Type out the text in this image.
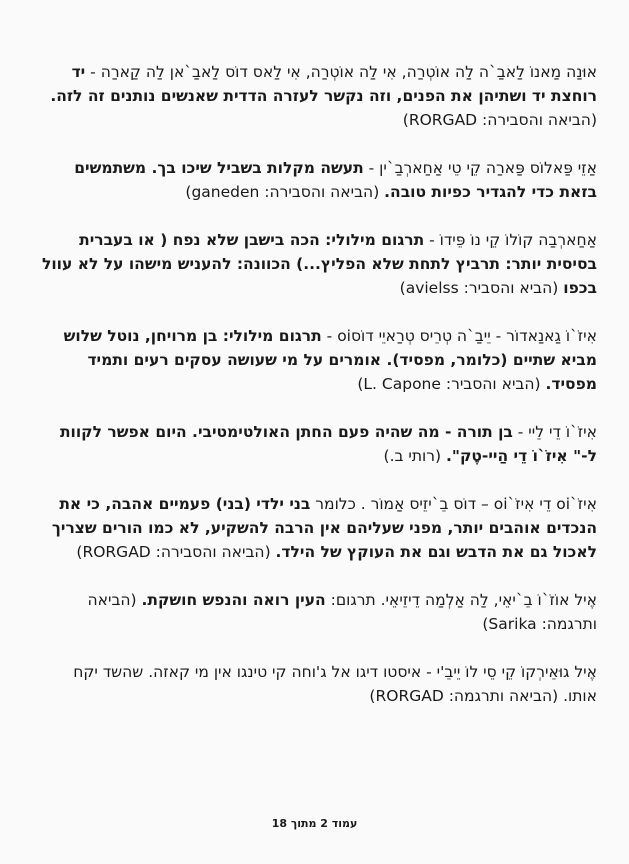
אוּנַה מַאנוֹ לַאבַ`ה לַה אוֹטְרַה, אִי לַה אוֹטְרַה, אִי לַאס דוֹס לַאבַ`אן לַה קַארַה - יד רוחצת יד ושתיהן את הפנים, וזה נקשר לעזרה הדדית שאנשים נותנים זה לזה. (הביאה והסבירה: RORGAD)
אַזֵי פַּאלוֹס פַּארַה קֵי טֵי אַחַארְבַ`ין - תעשה מקלות בשביל שיכו בך. משתמשים בזאת כדי להגדיר כפיות טובה. (הביאה והסבירה: ganeden)
אַחַארְבַה קוֹלוֹ קֵי נוֹ פֵּידוֹ - תרגום מילולי: הכה בישבן שלא נפח ( או בעברית בסיסית יותר: תרביץ לתחת שלא הפליץ...) הכוונה: להעניש מישהו על לא עוול בכפו (הביא והסביר: avielss)
אִיזֹ`וֹ גַאנַאדוֹר - יֵיבַ`ה טְרֵיס טְרַאיֵי דוֹסoi - תרגום מילולי: בן מרויחן, נוטל שלוש מביא שתיים (כלומר, מפסיד). אומרים על מי שעושה עסקים רעים ותמיד מפסיד. (הביא והסביר: L. Capone)
אִיזֹ`וֹ דֵי לֵיי - בן תורה - מה שהיה פעם החתן האולטימטיבי. היום אפשר לקוות ל-" אִיזֹ`וֹ דֵי הַיי-טֶק". (רותי ב.)
אִיזֹ`oi דֵי אִיזֹ`oi – דוֹס בֵ`יזֵיס אַמוֹר . כלומר בני ילדי (בני) פעמיים אהבה, כי את הנכדים אוהבים יותר, מפני שעליהם אין הרבה להשקיע, לא כמו הורים שצריך לאכול גם את הדבש וגם את העוקץ של הילד. (הביאה והסבירה: RORGAD)
אֶיל אוֹזֹ`וֹ בֵ`יאֵי, לַה אַלְמַה דֵיזֵיאֵי. תרגום: העין רואה והנפש חושקת. (הביאה ותרגמה: Sarika)
אֶיל גוּאֵירְקוֹ קֵי סֵי לוֹ יֵיבֵ'י - איסטו דיגו אל ג'וחה קי טינגו אין מי קאזה. שהשד יקח אותו. (הביאה ותרגמה: RORGAD)
עמוד 2 מתוך 18
